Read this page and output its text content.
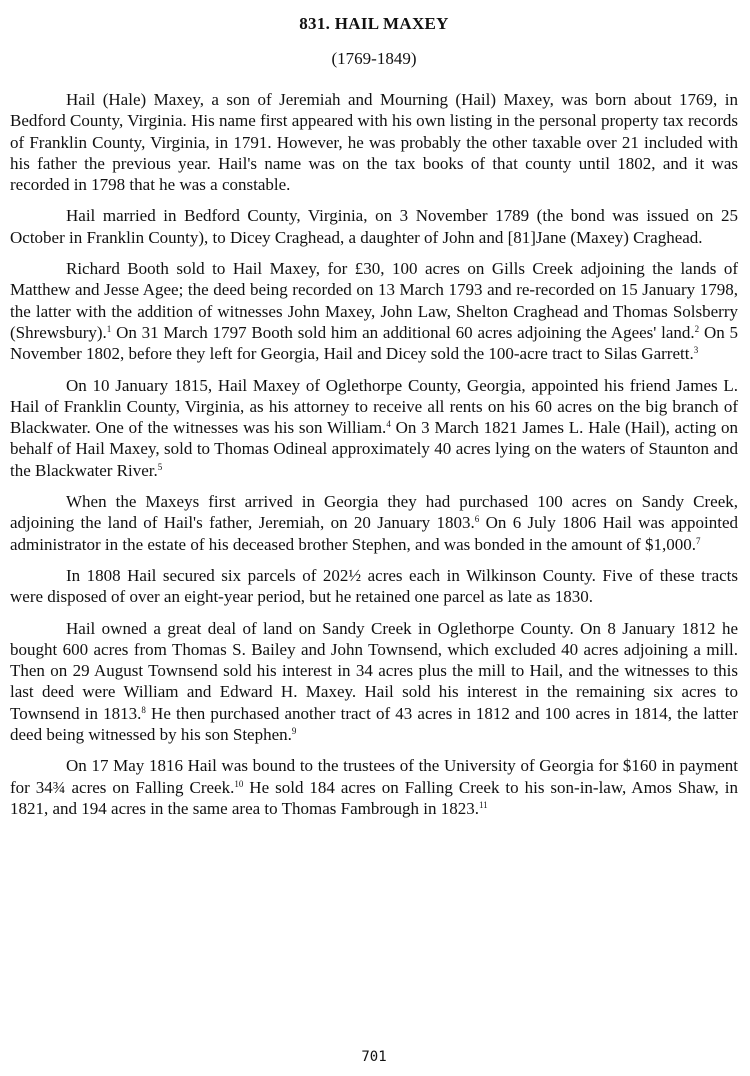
831. HAIL MAXEY
(1769-1849)

Hail (Hale) Maxey, a son of Jeremiah and Mourning (Hail) Maxey, was born about 1769, in Bedford County, Virginia. His name first appeared with his own listing in the personal property tax records of Franklin County, Virginia, in 1791. However, he was probably the other taxable over 21 included with his father the previous year. Hail's name was on the tax books of that county until 1802, and it was recorded in 1798 that he was a constable.

Hail married in Bedford County, Virginia, on 3 November 1789 (the bond was issued on 25 October in Franklin County), to Dicey Craghead, a daughter of John and [81]Jane (Maxey) Craghead.

Richard Booth sold to Hail Maxey, for £30, 100 acres on Gills Creek adjoining the lands of Matthew and Jesse Agee; the deed being recorded on 13 March 1793 and re-recorded on 15 January 1798, the latter with the addition of witnesses John Maxey, John Law, Shelton Craghead and Thomas Solsberry (Shrewsbury).$^1$ On 31 March 1797 Booth sold him an additional 60 acres adjoining the Agees' land.$^2$ On 5 November 1802, before they left for Georgia, Hail and Dicey sold the 100-acre tract to Silas Garrett.$^3$

On 10 January 1815, Hail Maxey of Oglethorpe County, Georgia, appointed his friend James L. Hail of Franklin County, Virginia, as his attorney to receive all rents on his 60 acres on the big branch of Blackwater. One of the witnesses was his son William.$^4$ On 3 March 1821 James L. Hale (Hail), acting on behalf of Hail Maxey, sold to Thomas Odineal approximately 40 acres lying on the waters of Staunton and the Blackwater River.$^5$

When the Maxeys first arrived in Georgia they had purchased 100 acres on Sandy Creek, adjoining the land of Hail's father, Jeremiah, on 20 January 1803.$^6$ On 6 July 1806 Hail was appointed administrator in the estate of his deceased brother Stephen, and was bonded in the amount of $1,000.$^7$

In 1808 Hail secured six parcels of 202½ acres each in Wilkinson County. Five of these tracts were disposed of over an eight-year period, but he retained one parcel as late as 1830.

Hail owned a great deal of land on Sandy Creek in Oglethorpe County. On 8 January 1812 he bought 600 acres from Thomas S. Bailey and John Townsend, which excluded 40 acres adjoining a mill. Then on 29 August Townsend sold his interest in 34 acres plus the mill to Hail, and the witnesses to this last deed were William and Edward H. Maxey. Hail sold his interest in the remaining six acres to Townsend in 1813.$^8$ He then purchased another tract of 43 acres in 1812 and 100 acres in 1814, the latter deed being witnessed by his son Stephen.$^9$

On 17 May 1816 Hail was bound to the trustees of the University of Georgia for $160 in payment for 34¾ acres on Falling Creek.$^{10}$ He sold 184 acres on Falling Creek to his son-in-law, Amos Shaw, in 1821, and 194 acres in the same area to Thomas Fambrough in 1823.11

701
